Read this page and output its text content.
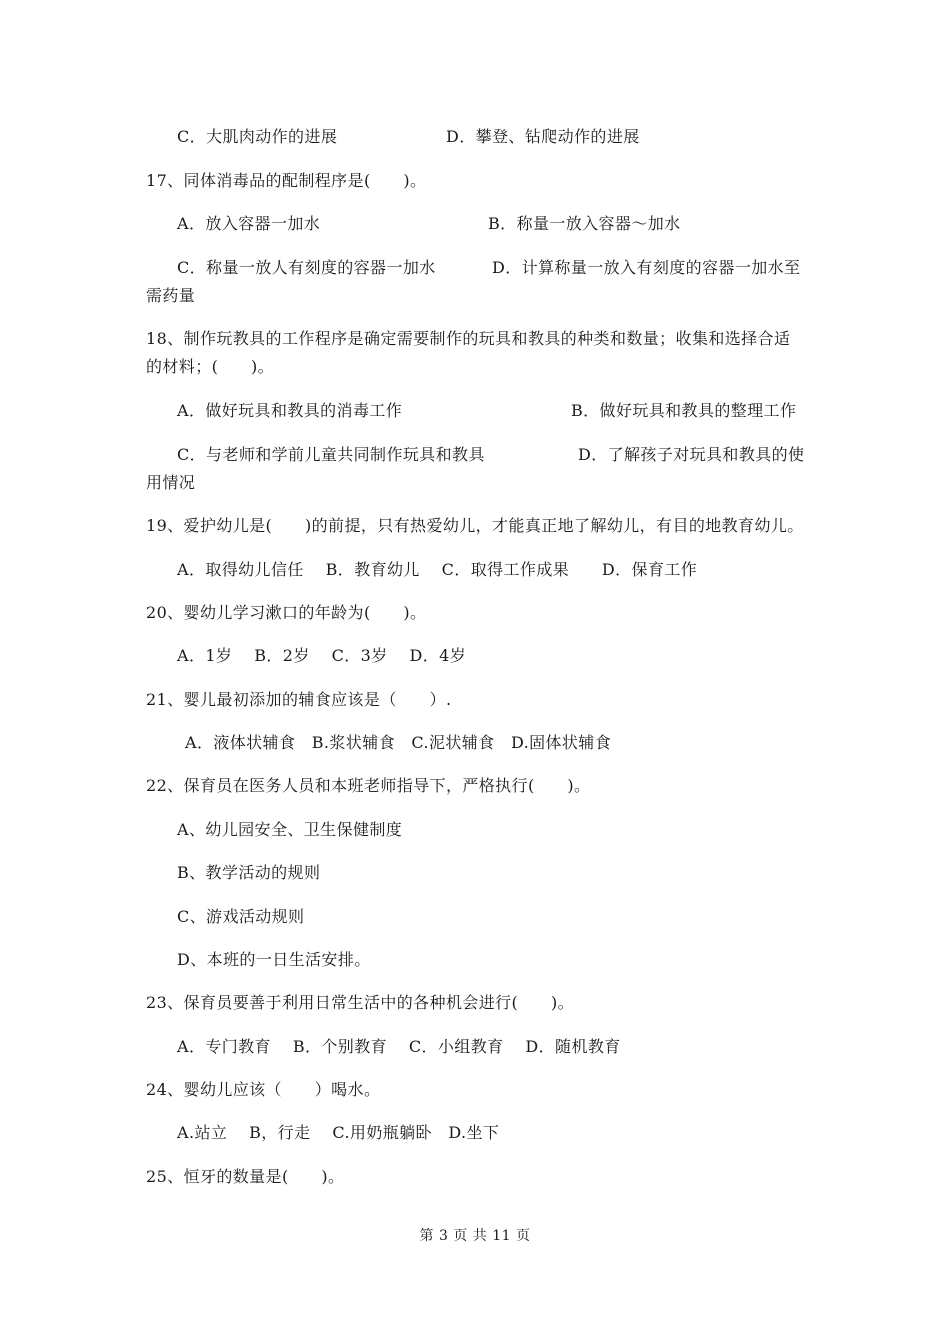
C．大肌肉动作的进展	D．攀登、钻爬动作的进展
17、同体消毒品的配制程序是(　　)。
A．放入容器一加水	B．称量一放入容器～加水
C．称量一放人有刻度的容器一加水	D．计算称量一放入有刻度的容器一加水至
需药量
18、制作玩教具的工作程序是确定需要制作的玩具和教具的种类和数量；收集和选择合适
的材料；(　　)。
A．做好玩具和教具的消毒工作	B．做好玩具和教具的整理工作
C．与老师和学前儿童共同制作玩具和教具	D．了解孩子对玩具和教具的使
用情况
19、爱护幼儿是(　　)的前提，只有热爱幼儿，才能真正地了解幼儿，有目的地教育幼儿。
A．取得幼儿信任　 B．教育幼儿　 C．取得工作成果　　D．保育工作
20、婴幼儿学习漱口的年龄为(　　)。
A．1岁　 B．2岁　 C．3岁　 D．4岁
21、婴儿最初添加的辅食应该是（　　）.
A．液体状辅食　B.浆状辅食　C.泥状辅食　D.固体状辅食
22、保育员在医务人员和本班老师指导下，严格执行(　　)。
A、幼儿园安全、卫生保健制度
B、教学活动的规则
C、游戏活动规则
D、本班的一日生活安排。
23、保育员要善于利用日常生活中的各种机会进行(　　)。
A．专门教育　 B．个别教育　 C．小组教育　 D．随机教育
24、婴幼儿应该（　　）喝水。
A.站立　 B，行走　 C.用奶瓶躺卧　D.坐下
25、恒牙的数量是(　　)。
第 3 页 共 11 页
